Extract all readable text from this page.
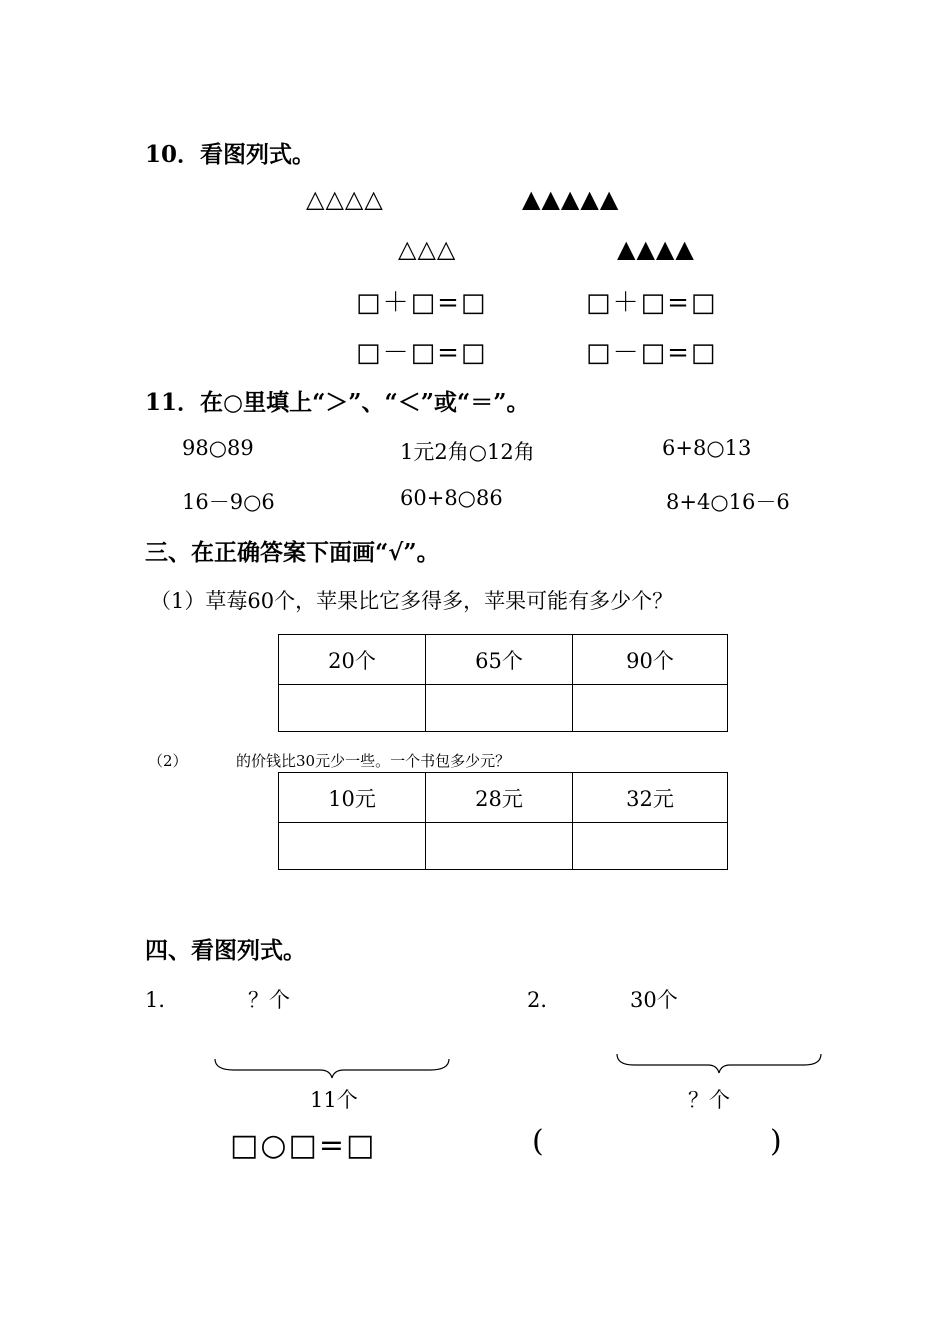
10．看图列式。
△△△△	▲▲▲▲▲
△△△	▲▲▲▲
□＋□=□	□＋□=□
□－□=□	□－□=□
11．在○里填上“＞”、“＜”或“＝”。
98○89	1元2角○12角	6+8○13
16－9○6	60+8○86	8+4○16－6
三、在正确答案下面画“√”。
（1）草莓60个，苹果比它多得多，苹果可能有多少个？
20个	65个	90个

（2）	的价钱比30元少一些。一个书包多少元？
10元	28元	32元

四、看图列式。
1．	？个
11个
□○□=□
2．	30个
？个
(	)
